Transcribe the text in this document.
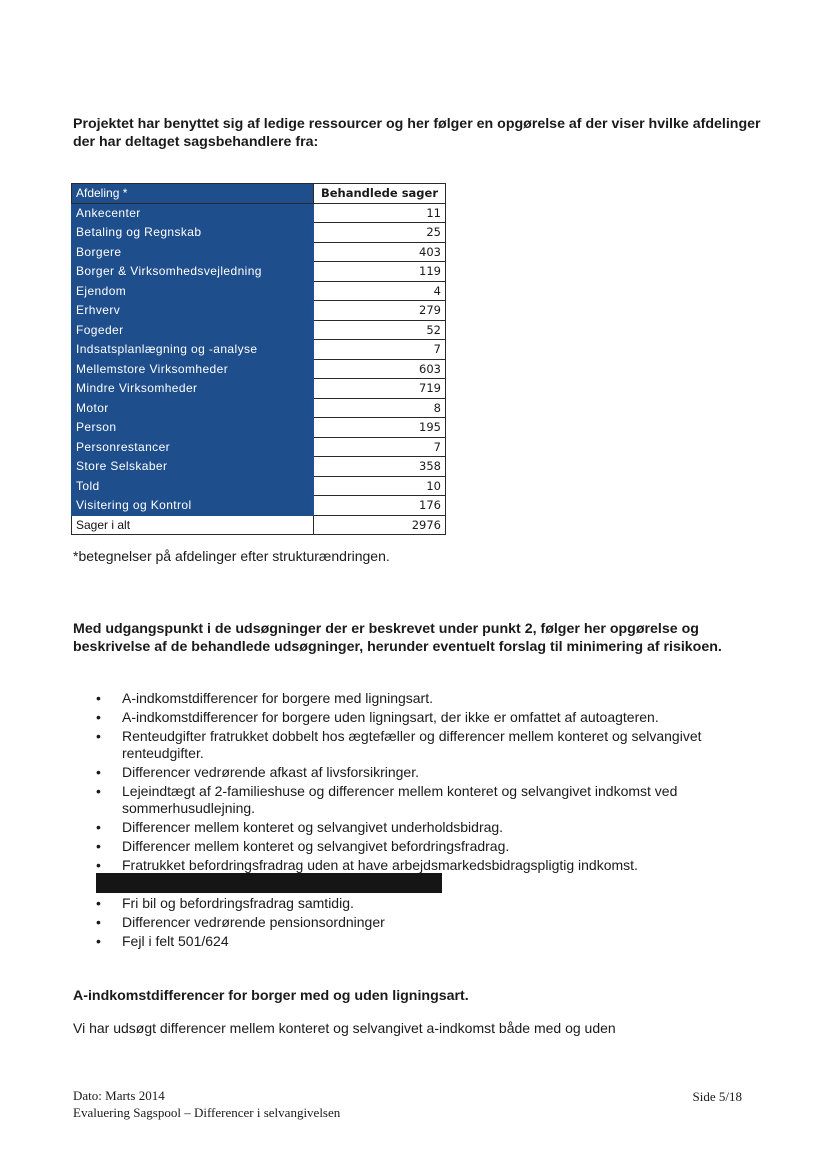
Projektet har benyttet sig af ledige ressourcer og her følger en opgørelse af der viser hvilke afdelinger der har deltaget sagsbehandlere fra:
Afdeling *	Behandlede sager
Ankecenter	11
Betaling og Regnskab	25
Borgere	403
Borger & Virksomhedsvejledning	119
Ejendom	4
Erhverv	279
Fogeder	52
Indsatsplanlægning og -analyse	7
Mellemstore Virksomheder	603
Mindre Virksomheder	719
Motor	8
Person	195
Personrestancer	7
Store Selskaber	358
Told	10
Visitering og Kontrol	176
Sager i alt	2976
*betegnelser på afdelinger efter strukturændringen.
Med udgangspunkt i de udsøgninger der er beskrevet under punkt 2, følger her opgørelse og beskrivelse af de behandlede udsøgninger, herunder eventuelt forslag til minimering af risikoen.
• A-indkomstdifferencer for borgere med ligningsart.
• A-indkomstdifferencer for borgere uden ligningsart, der ikke er omfattet af autoagteren.
• Renteudgifter fratrukket dobbelt hos ægtefæller og differencer mellem konteret og selvangivet renteudgifter.
• Differencer vedrørende afkast af livsforsikringer.
• Lejeindtægt af 2-familieshuse og differencer mellem konteret og selvangivet indkomst ved sommerhusudlejning.
• Differencer mellem konteret og selvangivet underholdsbidrag.
• Differencer mellem konteret og selvangivet befordringsfradrag.
• Fratrukket befordringsfradrag uden at have arbejdsmarkedsbidragspligtig indkomst.
• Fri bil og befordringsfradrag samtidig.
• Differencer vedrørende pensionsordninger
• Fejl i felt 501/624
A-indkomstdifferencer for borger med og uden ligningsart.
Vi har udsøgt differencer mellem konteret og selvangivet a-indkomst både med og uden
Dato: Marts 2014
Evaluering Sagspool – Differencer i selvangivelsen
Side 5/18
